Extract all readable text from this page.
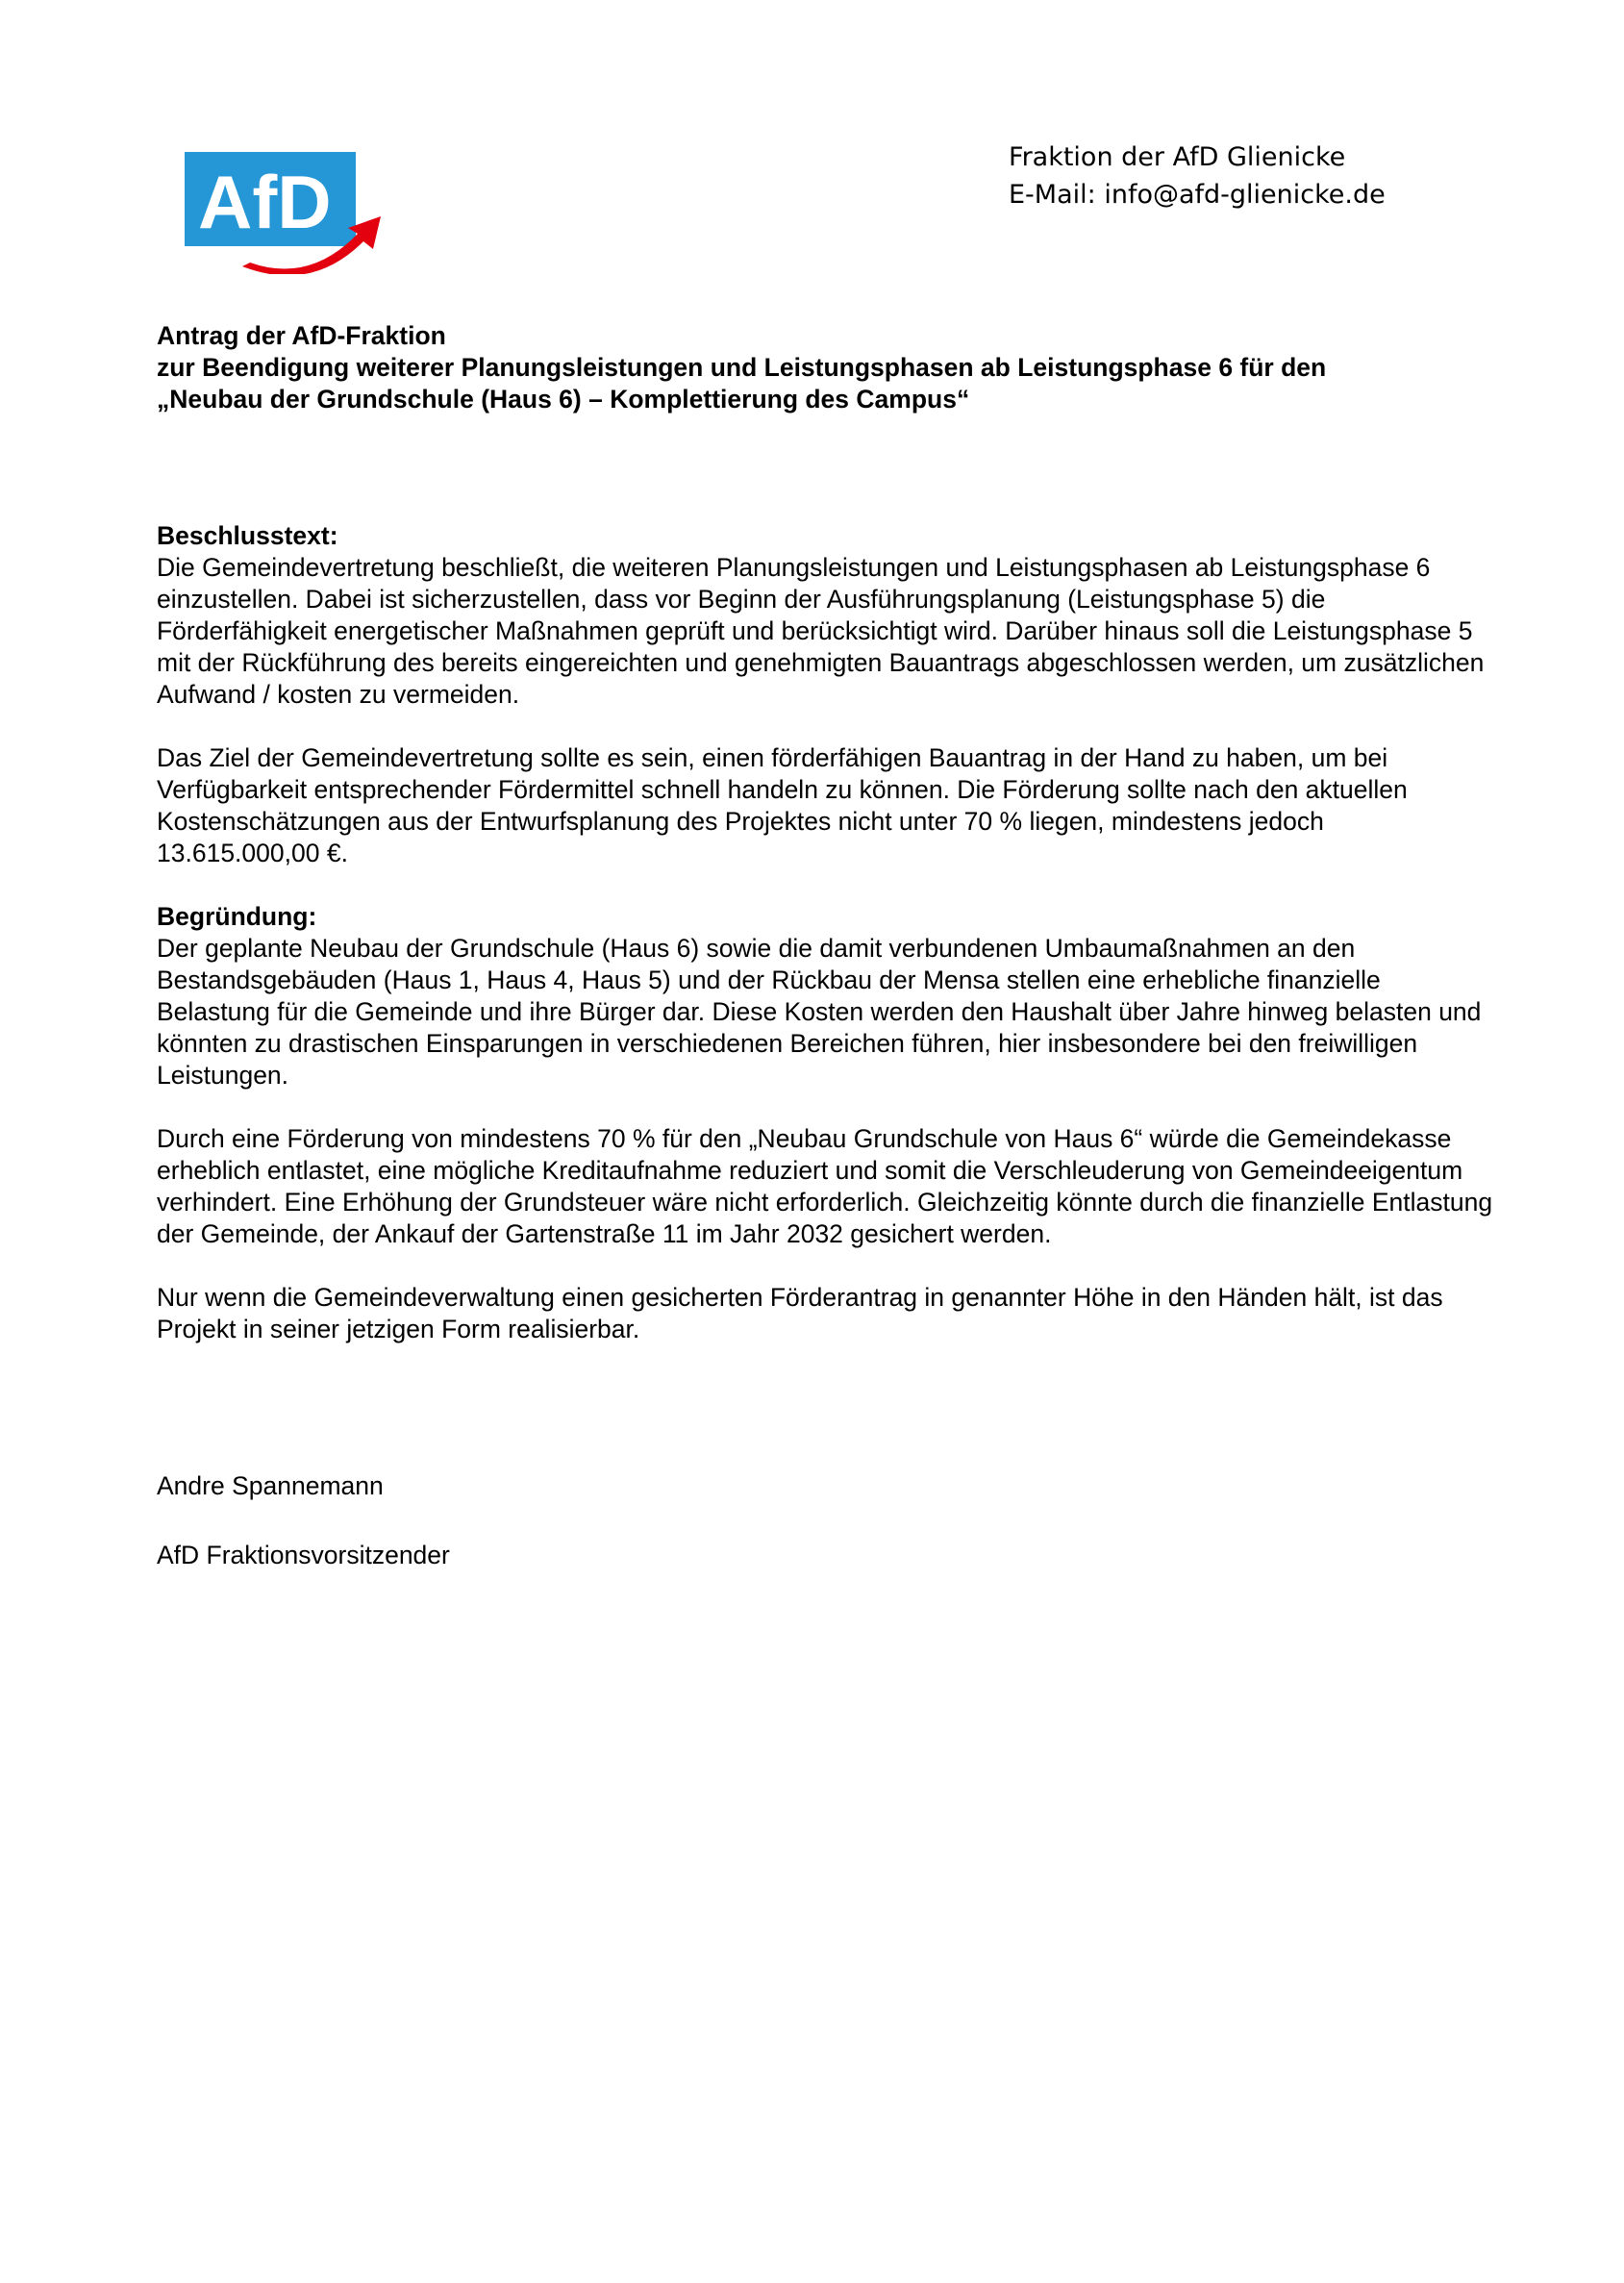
AfD
Fraktion der AfD Glienicke
E-Mail: info@afd-glienicke.de
Antrag der AfD-Fraktion
zur Beendigung weiterer Planungsleistungen und Leistungsphasen ab Leistungsphase 6 für den
„Neubau der Grundschule (Haus 6) – Komplettierung des Campus“
Beschlusstext:

Die Gemeindevertretung beschließt, die weiteren Planungsleistungen und Leistungsphasen ab Leistungsphase 6 einzustellen. Dabei ist sicherzustellen, dass vor Beginn der Ausführungsplanung (Leistungsphase 5) die Förderfähigkeit energetischer Maßnahmen geprüft und berücksichtigt wird. Darüber hinaus soll die Leistungsphase 5 mit der Rückführung des bereits eingereichten und genehmigten Bauantrags abgeschlossen werden, um zusätzlichen Aufwand / kosten zu vermeiden.

Das Ziel der Gemeindevertretung sollte es sein, einen förderfähigen Bauantrag in der Hand zu haben, um bei Verfügbarkeit entsprechender Fördermittel schnell handeln zu können. Die Förderung sollte nach den aktuellen Kostenschätzungen aus der Entwurfsplanung des Projektes nicht unter 70 % liegen, mindestens jedoch 13.615.000,00 €.

Begründung:

Der geplante Neubau der Grundschule (Haus 6) sowie die damit verbundenen Umbaumaßnahmen an den Bestandsgebäuden (Haus 1, Haus 4, Haus 5) und der Rückbau der Mensa stellen eine erhebliche finanzielle Belastung für die Gemeinde und ihre Bürger dar. Diese Kosten werden den Haushalt über Jahre hinweg belasten und könnten zu drastischen Einsparungen in verschiedenen Bereichen führen, hier insbesondere bei den freiwilligen Leistungen.

Durch eine Förderung von mindestens 70 % für den „Neubau Grundschule von Haus 6“ würde die Gemeindekasse erheblich entlastet, eine mögliche Kreditaufnahme reduziert und somit die Verschleuderung von Gemeindeeigentum verhindert. Eine Erhöhung der Grundsteuer wäre nicht erforderlich. Gleichzeitig könnte durch die finanzielle Entlastung der Gemeinde, der Ankauf der Gartenstraße 11 im Jahr 2032 gesichert werden.

Nur wenn die Gemeindeverwaltung einen gesicherten Förderantrag in genannter Höhe in den Händen hält, ist das Projekt in seiner jetzigen Form realisierbar.

Andre Spannemann
AfD Fraktionsvorsitzender
